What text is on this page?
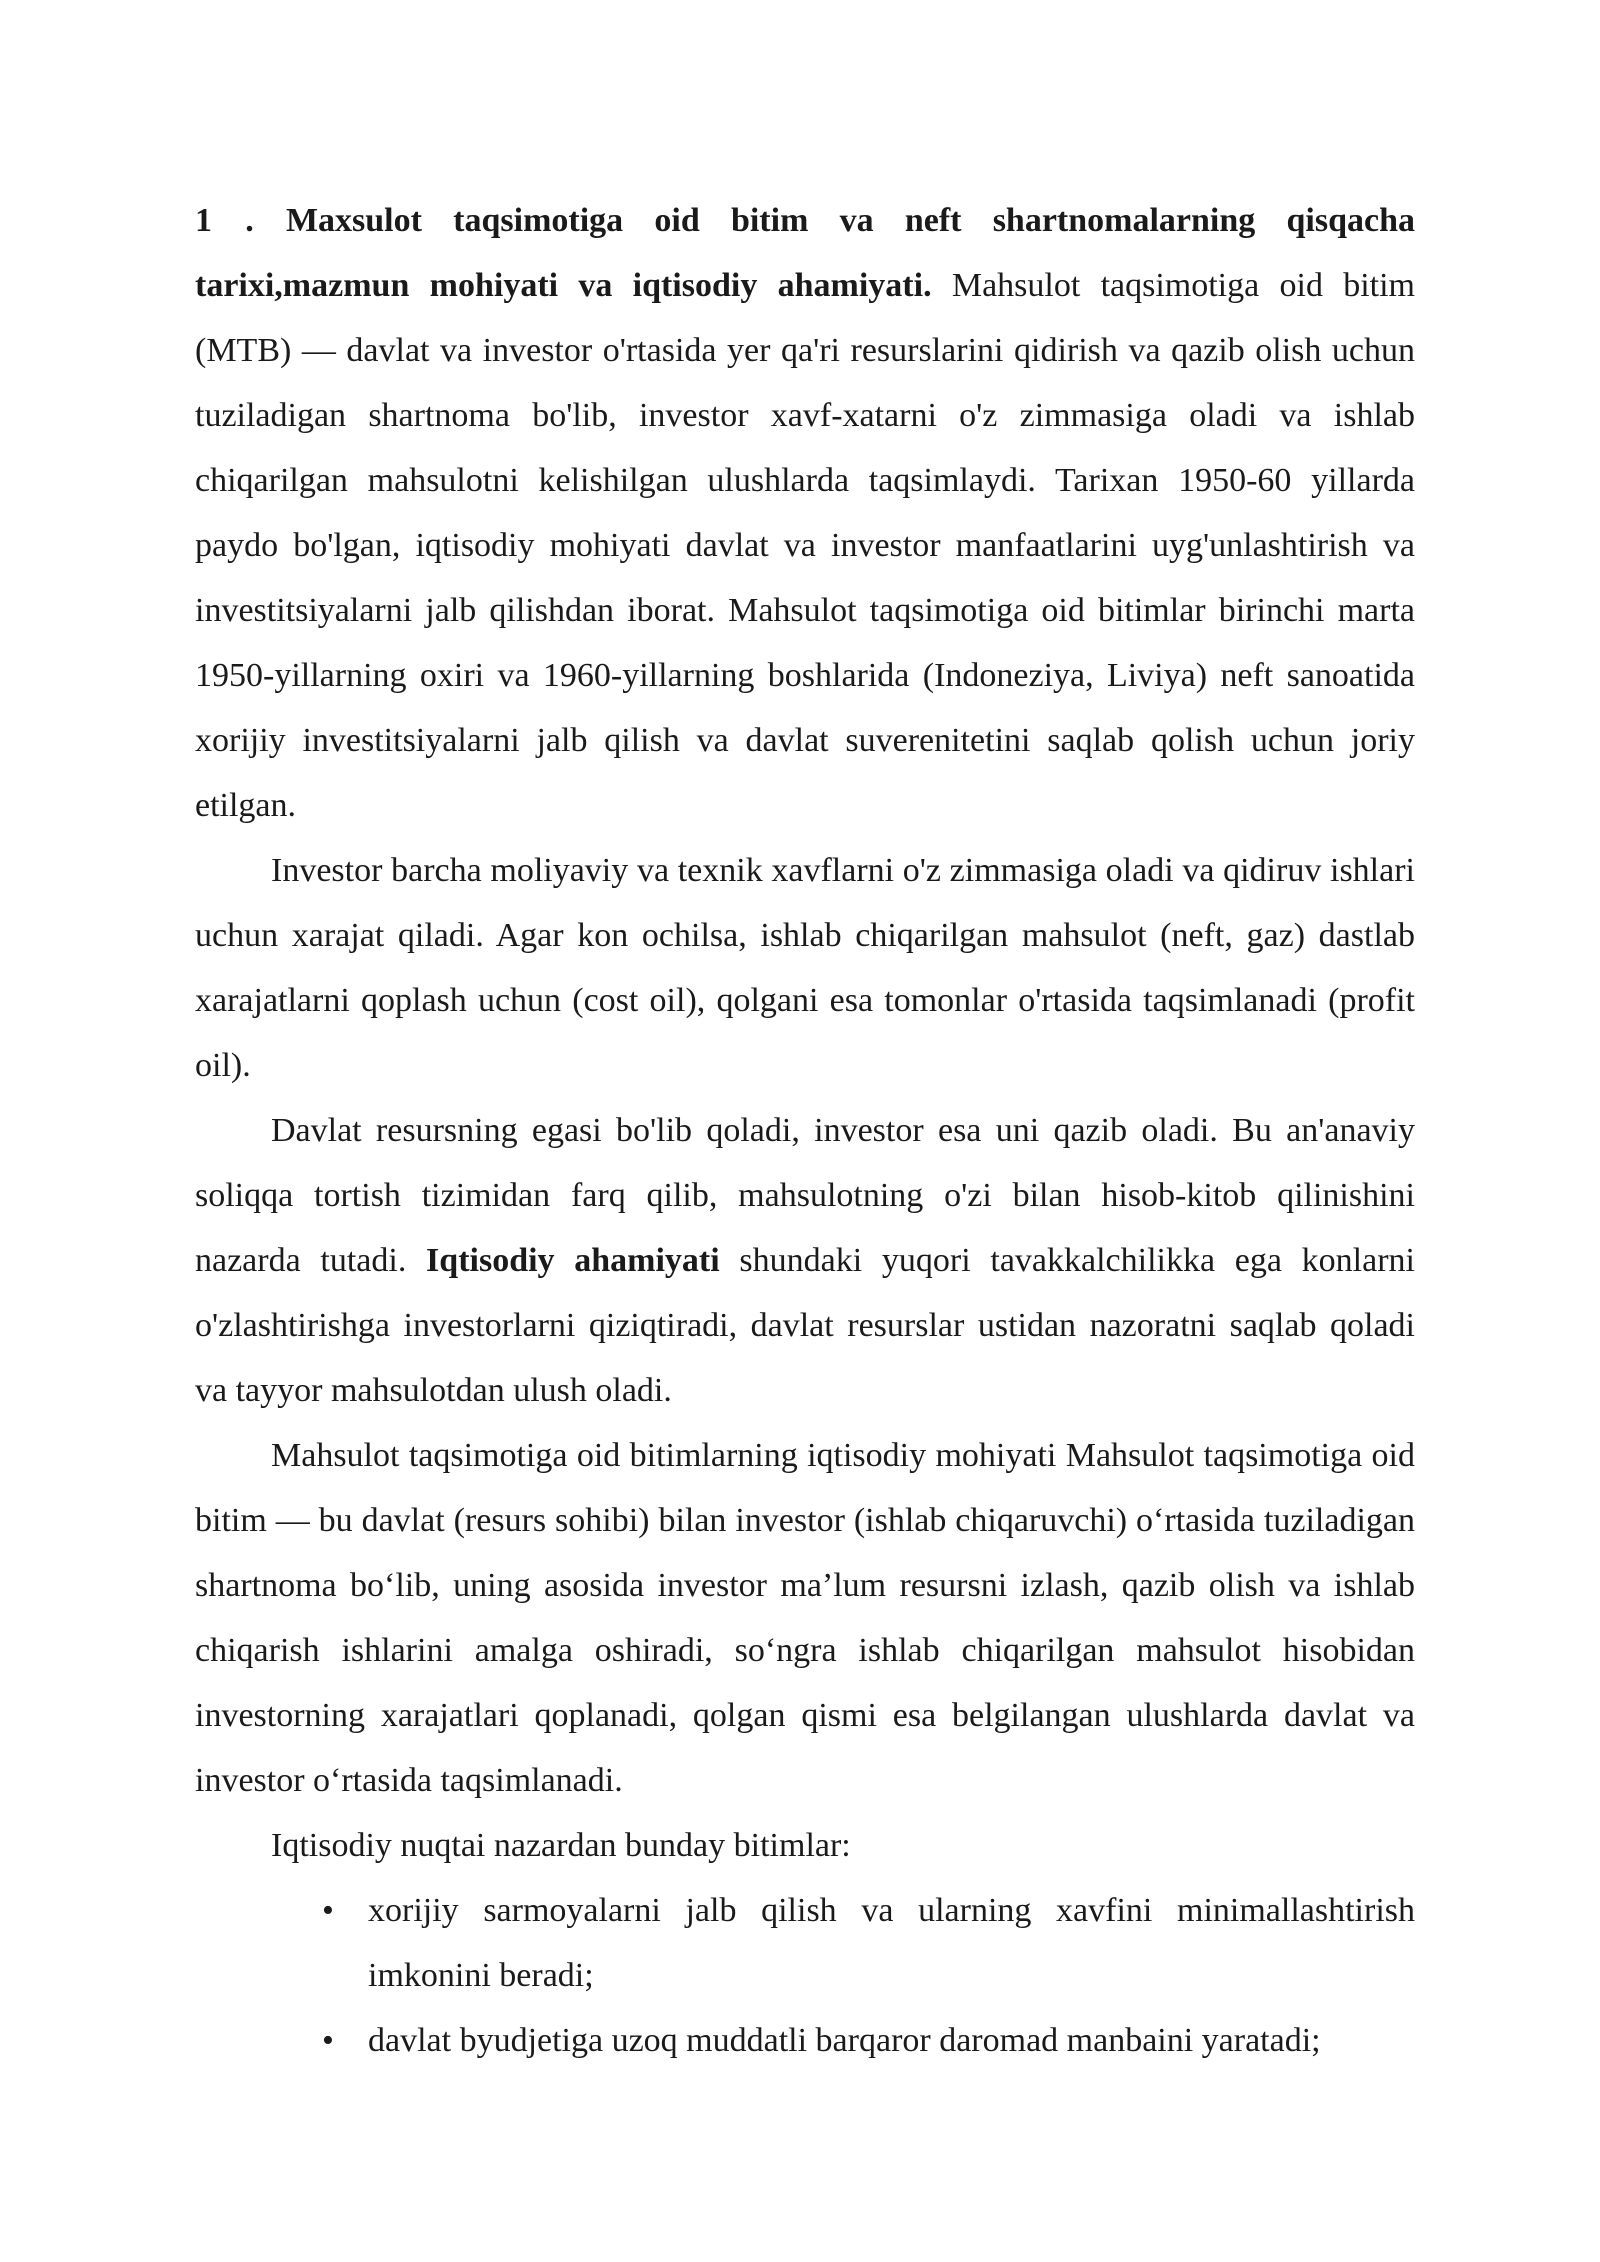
1 . Maxsulot taqsimotiga oid bitim va neft shartnomalarning qisqacha tarixi,mazmun mohiyati va iqtisodiy ahamiyati. Mahsulot taqsimotiga oid bitim (MTB) — davlat va investor o'rtasida yer qa'ri resurslarini qidirish va qazib olish uchun tuziladigan shartnoma bo'lib, investor xavf-xatarni o'z zimmasiga oladi va ishlab chiqarilgan mahsulotni kelishilgan ulushlarda taqsimlaydi. Tarixan 1950-60 yillarda paydo bo'lgan, iqtisodiy mohiyati davlat va investor manfaatlarini uyg'unlashtirish va investitsiyalarni jalb qilishdan iborat. Mahsulot taqsimotiga oid bitimlar birinchi marta 1950-yillarning oxiri va 1960-yillarning boshlarida (Indoneziya, Liviya) neft sanoatida xorijiy investitsiyalarni jalb qilish va davlat suverenitetini saqlab qolish uchun joriy etilgan.

Investor barcha moliyaviy va texnik xavflarni o'z zimmasiga oladi va qidiruv ishlari uchun xarajat qiladi. Agar kon ochilsa, ishlab chiqarilgan mahsulot (neft, gaz) dastlab xarajatlarni qoplash uchun (cost oil), qolgani esa tomonlar o'rtasida taqsimlanadi (profit oil).

Davlat resursning egasi bo'lib qoladi, investor esa uni qazib oladi. Bu an'anaviy soliqqa tortish tizimidan farq qilib, mahsulotning o'zi bilan hisob-kitob qilinishini nazarda tutadi. Iqtisodiy ahamiyati shundaki yuqori tavakkalchilikka ega konlarni o'zlashtirishga investorlarni qiziqtiradi, davlat resurslar ustidan nazoratni saqlab qoladi va tayyor mahsulotdan ulush oladi.

Mahsulot taqsimotiga oid bitimlarning iqtisodiy mohiyati Mahsulot taqsimotiga oid bitim — bu davlat (resurs sohibi) bilan investor (ishlab chiqaruvchi) o‘rtasida tuziladigan shartnoma bo‘lib, uning asosida investor ma’lum resursni izlash, qazib olish va ishlab chiqarish ishlarini amalga oshiradi, so‘ngra ishlab chiqarilgan mahsulot hisobidan investorning xarajatlari qoplanadi, qolgan qismi esa belgilangan ulushlarda davlat va investor o‘rtasida taqsimlanadi.

Iqtisodiy nuqtai nazardan bunday bitimlar:

• xorijiy sarmoyalarni jalb qilish va ularning xavfini minimallashtirish imkonini beradi;
• davlat byudjetiga uzoq muddatli barqaror daromad manbaini yaratadi;
